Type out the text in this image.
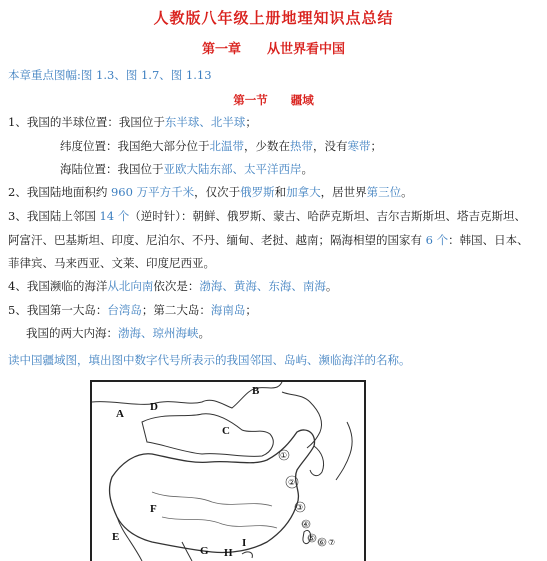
人教版八年级上册地理知识点总结
第一章　　从世界看中国
本章重点图幅:图 1.3、图 1.7、图 1.13
第一节　　疆域
1、我国的半球位置：我国位于东半球、北半球；
纬度位置：我国绝大部分位于北温带，少数在热带，没有寒带；
海陆位置：我国位于亚欧大陆东部、太平洋西岸。
2、我国陆地面积约 960 万平方千米，仅次于俄罗斯和加拿大，居世界第三位。
3、我国陆上邻国 14 个（逆时针）：朝鲜、俄罗斯、蒙古、哈萨克斯坦、吉尔吉斯斯坦、塔吉克斯坦、
阿富汗、巴基斯坦、印度、尼泊尔、不丹、缅甸、老挝、越南；隔海相望的国家有 6 个：韩国、日本、
菲律宾、马来西亚、文莱、印度尼西亚。
4、我国濒临的海洋从北向南依次是：渤海、黄海、东海、南海。
5、我国第一大岛：台湾岛；第二大岛：海南岛；
我国的两大内海：渤海、琼州海峡。
读中国疆域图，填出图中数字代号所表示的我国邻国、岛屿、濒临海洋的名称。
A
B
C
D
E
F
G H
I
①
②
③
④
⑤ ⑥ ⑦
